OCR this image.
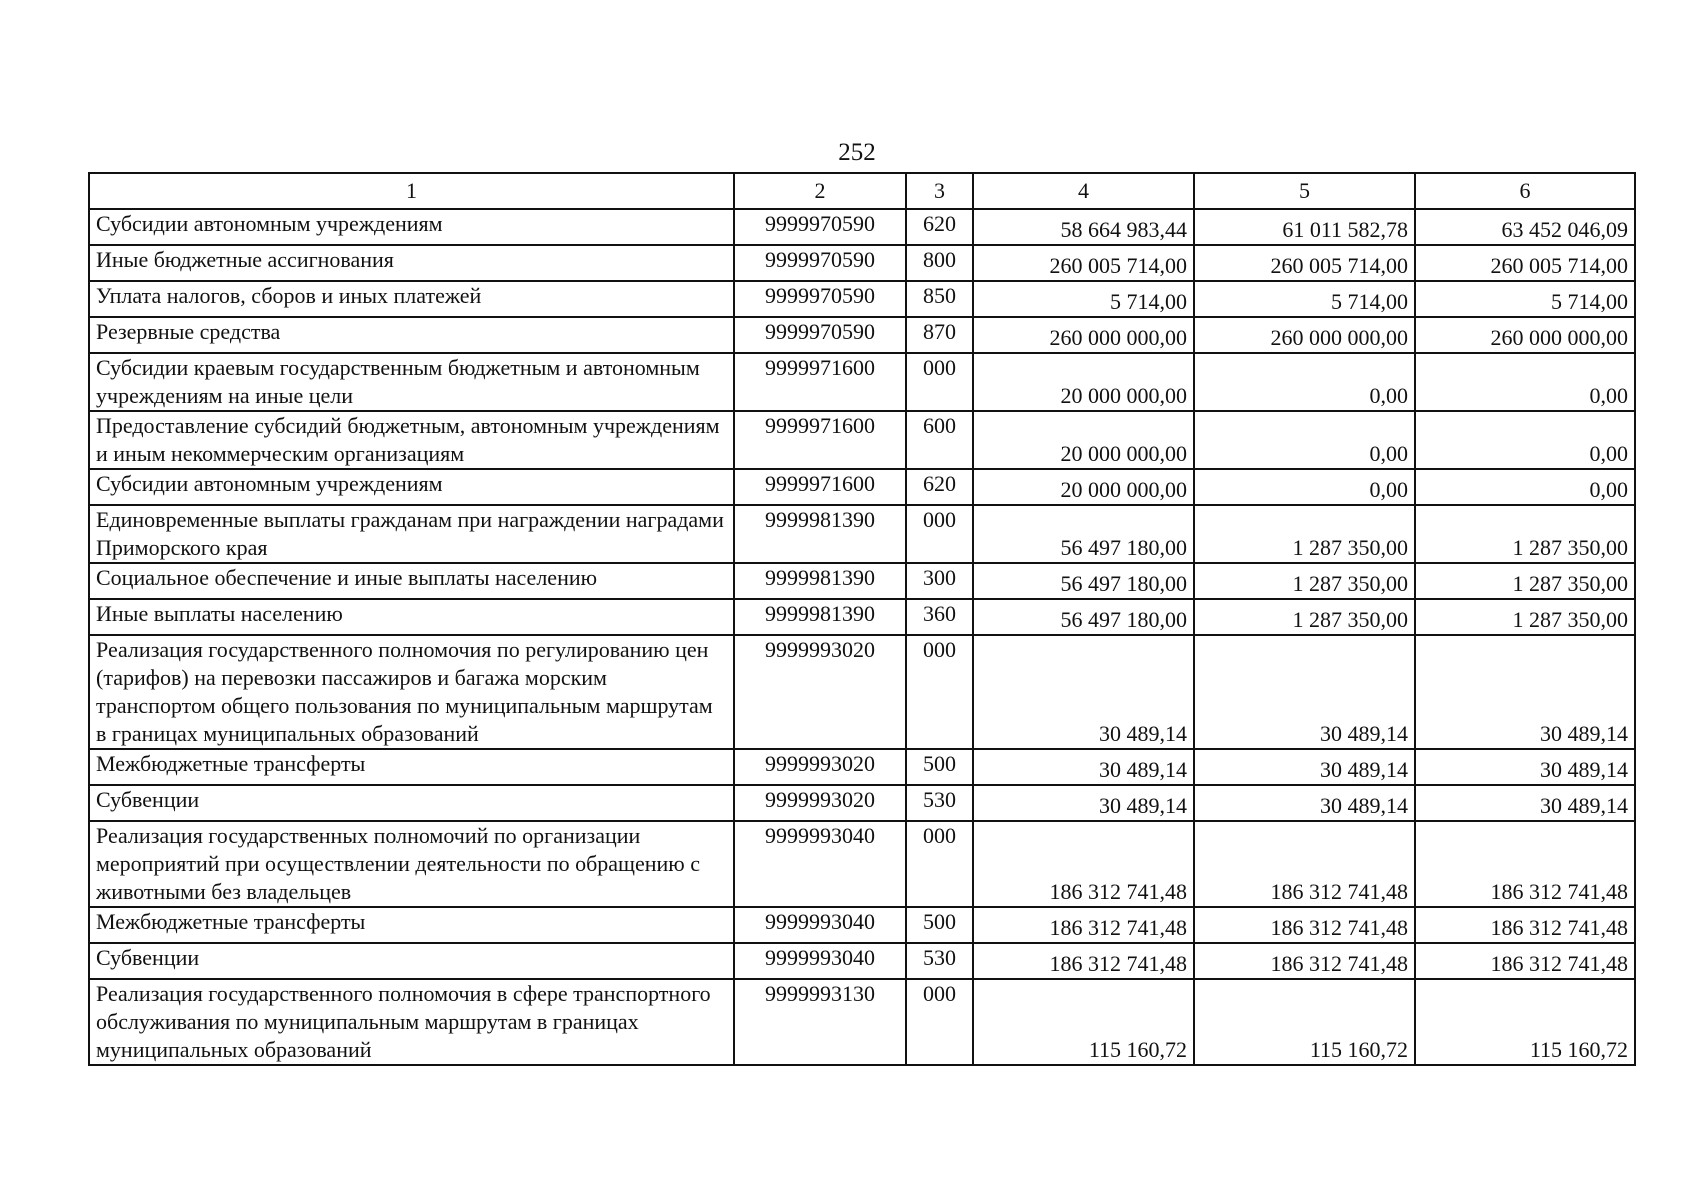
252
1	2	3	4	5	6
Субсидии автономным учреждениям	9999970590	620	58 664 983,44	61 011 582,78	63 452 046,09
Иные бюджетные ассигнования	9999970590	800	260 005 714,00	260 005 714,00	260 005 714,00
Уплата налогов, сборов и иных платежей	9999970590	850	5 714,00	5 714,00	5 714,00
Резервные средства	9999970590	870	260 000 000,00	260 000 000,00	260 000 000,00
Субсидии краевым государственным бюджетным и автономным учреждениям на иные цели	9999971600	000	20 000 000,00	0,00	0,00
Предоставление субсидий бюджетным, автономным учреждениям и иным некоммерческим организациям	9999971600	600	20 000 000,00	0,00	0,00
Субсидии автономным учреждениям	9999971600	620	20 000 000,00	0,00	0,00
Единовременные выплаты гражданам при награждении наградами Приморского края	9999981390	000	56 497 180,00	1 287 350,00	1 287 350,00
Социальное обеспечение и иные выплаты населению	9999981390	300	56 497 180,00	1 287 350,00	1 287 350,00
Иные выплаты населению	9999981390	360	56 497 180,00	1 287 350,00	1 287 350,00
Реализация государственного полномочия по регулированию цен (тарифов) на перевозки пассажиров и багажа морским транспортом общего пользования по муниципальным маршрутам в границах муниципальных образований	9999993020	000	30 489,14	30 489,14	30 489,14
Межбюджетные трансферты	9999993020	500	30 489,14	30 489,14	30 489,14
Субвенции	9999993020	530	30 489,14	30 489,14	30 489,14
Реализация государственных полномочий по организации мероприятий при осуществлении деятельности по обращению с животными без владельцев	9999993040	000	186 312 741,48	186 312 741,48	186 312 741,48
Межбюджетные трансферты	9999993040	500	186 312 741,48	186 312 741,48	186 312 741,48
Субвенции	9999993040	530	186 312 741,48	186 312 741,48	186 312 741,48
Реализация государственного полномочия в сфере транспортного обслуживания по муниципальным маршрутам в границах муниципальных образований	9999993130	000	115 160,72	115 160,72	115 160,72
